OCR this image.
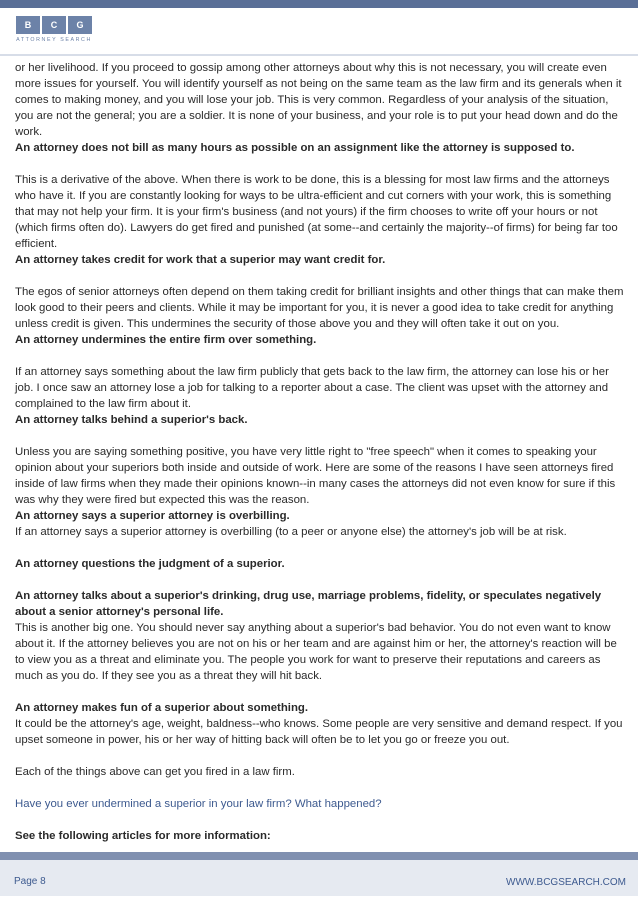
B	C	G
ATTORNEY SEARCH

or her livelihood. If you proceed to gossip among other attorneys about why this is not necessary, you will create even more issues for yourself. You will identify yourself as not being on the same team as the law firm and its generals when it comes to making money, and you will lose your job. This is very common. Regardless of your analysis of the situation, you are not the general; you are a soldier. It is none of your business, and your role is to put your head down and do the work.

An attorney does not bill as many hours as possible on an assignment like the attorney is supposed to.

This is a derivative of the above. When there is work to be done, this is a blessing for most law firms and the attorneys who have it. If you are constantly looking for ways to be ultra-efficient and cut corners with your work, this is something that may not help your firm. It is your firm's business (and not yours) if the firm chooses to write off your hours or not (which firms often do). Lawyers do get fired and punished (at some--and certainly the majority--of firms) for being far too efficient.

An attorney takes credit for work that a superior may want credit for.

The egos of senior attorneys often depend on them taking credit for brilliant insights and other things that can make them look good to their peers and clients. While it may be important for you, it is never a good idea to take credit for anything unless credit is given. This undermines the security of those above you and they will often take it out on you.

An attorney undermines the entire firm over something.

If an attorney says something about the law firm publicly that gets back to the law firm, the attorney can lose his or her job. I once saw an attorney lose a job for talking to a reporter about a case. The client was upset with the attorney and complained to the law firm about it.

An attorney talks behind a superior's back.

Unless you are saying something positive, you have very little right to "free speech" when it comes to speaking your opinion about your superiors both inside and outside of work. Here are some of the reasons I have seen attorneys fired inside of law firms when they made their opinions known--in many cases the attorneys did not even know for sure if this was why they were fired but expected this was the reason.

An attorney says a superior attorney is overbilling.

If an attorney says a superior attorney is overbilling (to a peer or anyone else) the attorney's job will be at risk.

An attorney questions the judgment of a superior.

An attorney talks about a superior's drinking, drug use, marriage problems, fidelity, or speculates negatively about a senior attorney's personal life.

This is another big one. You should never say anything about a superior's bad behavior. You do not even want to know about it. If the attorney believes you are not on his or her team and are against him or her, the attorney's reaction will be to view you as a threat and eliminate you. The people you work for want to preserve their reputations and careers as much as you do. If they see you as a threat they will hit back.

An attorney makes fun of a superior about something.

It could be the attorney's age, weight, baldness--who knows. Some people are very sensitive and demand respect. If you upset someone in power, his or her way of hitting back will often be to let you go or freeze you out.

Each of the things above can get you fired in a law firm.

Have you ever undermined a superior in your law firm? What happened?

See the following articles for more information:

Page 8	WWW.BCGSEARCH.COM
